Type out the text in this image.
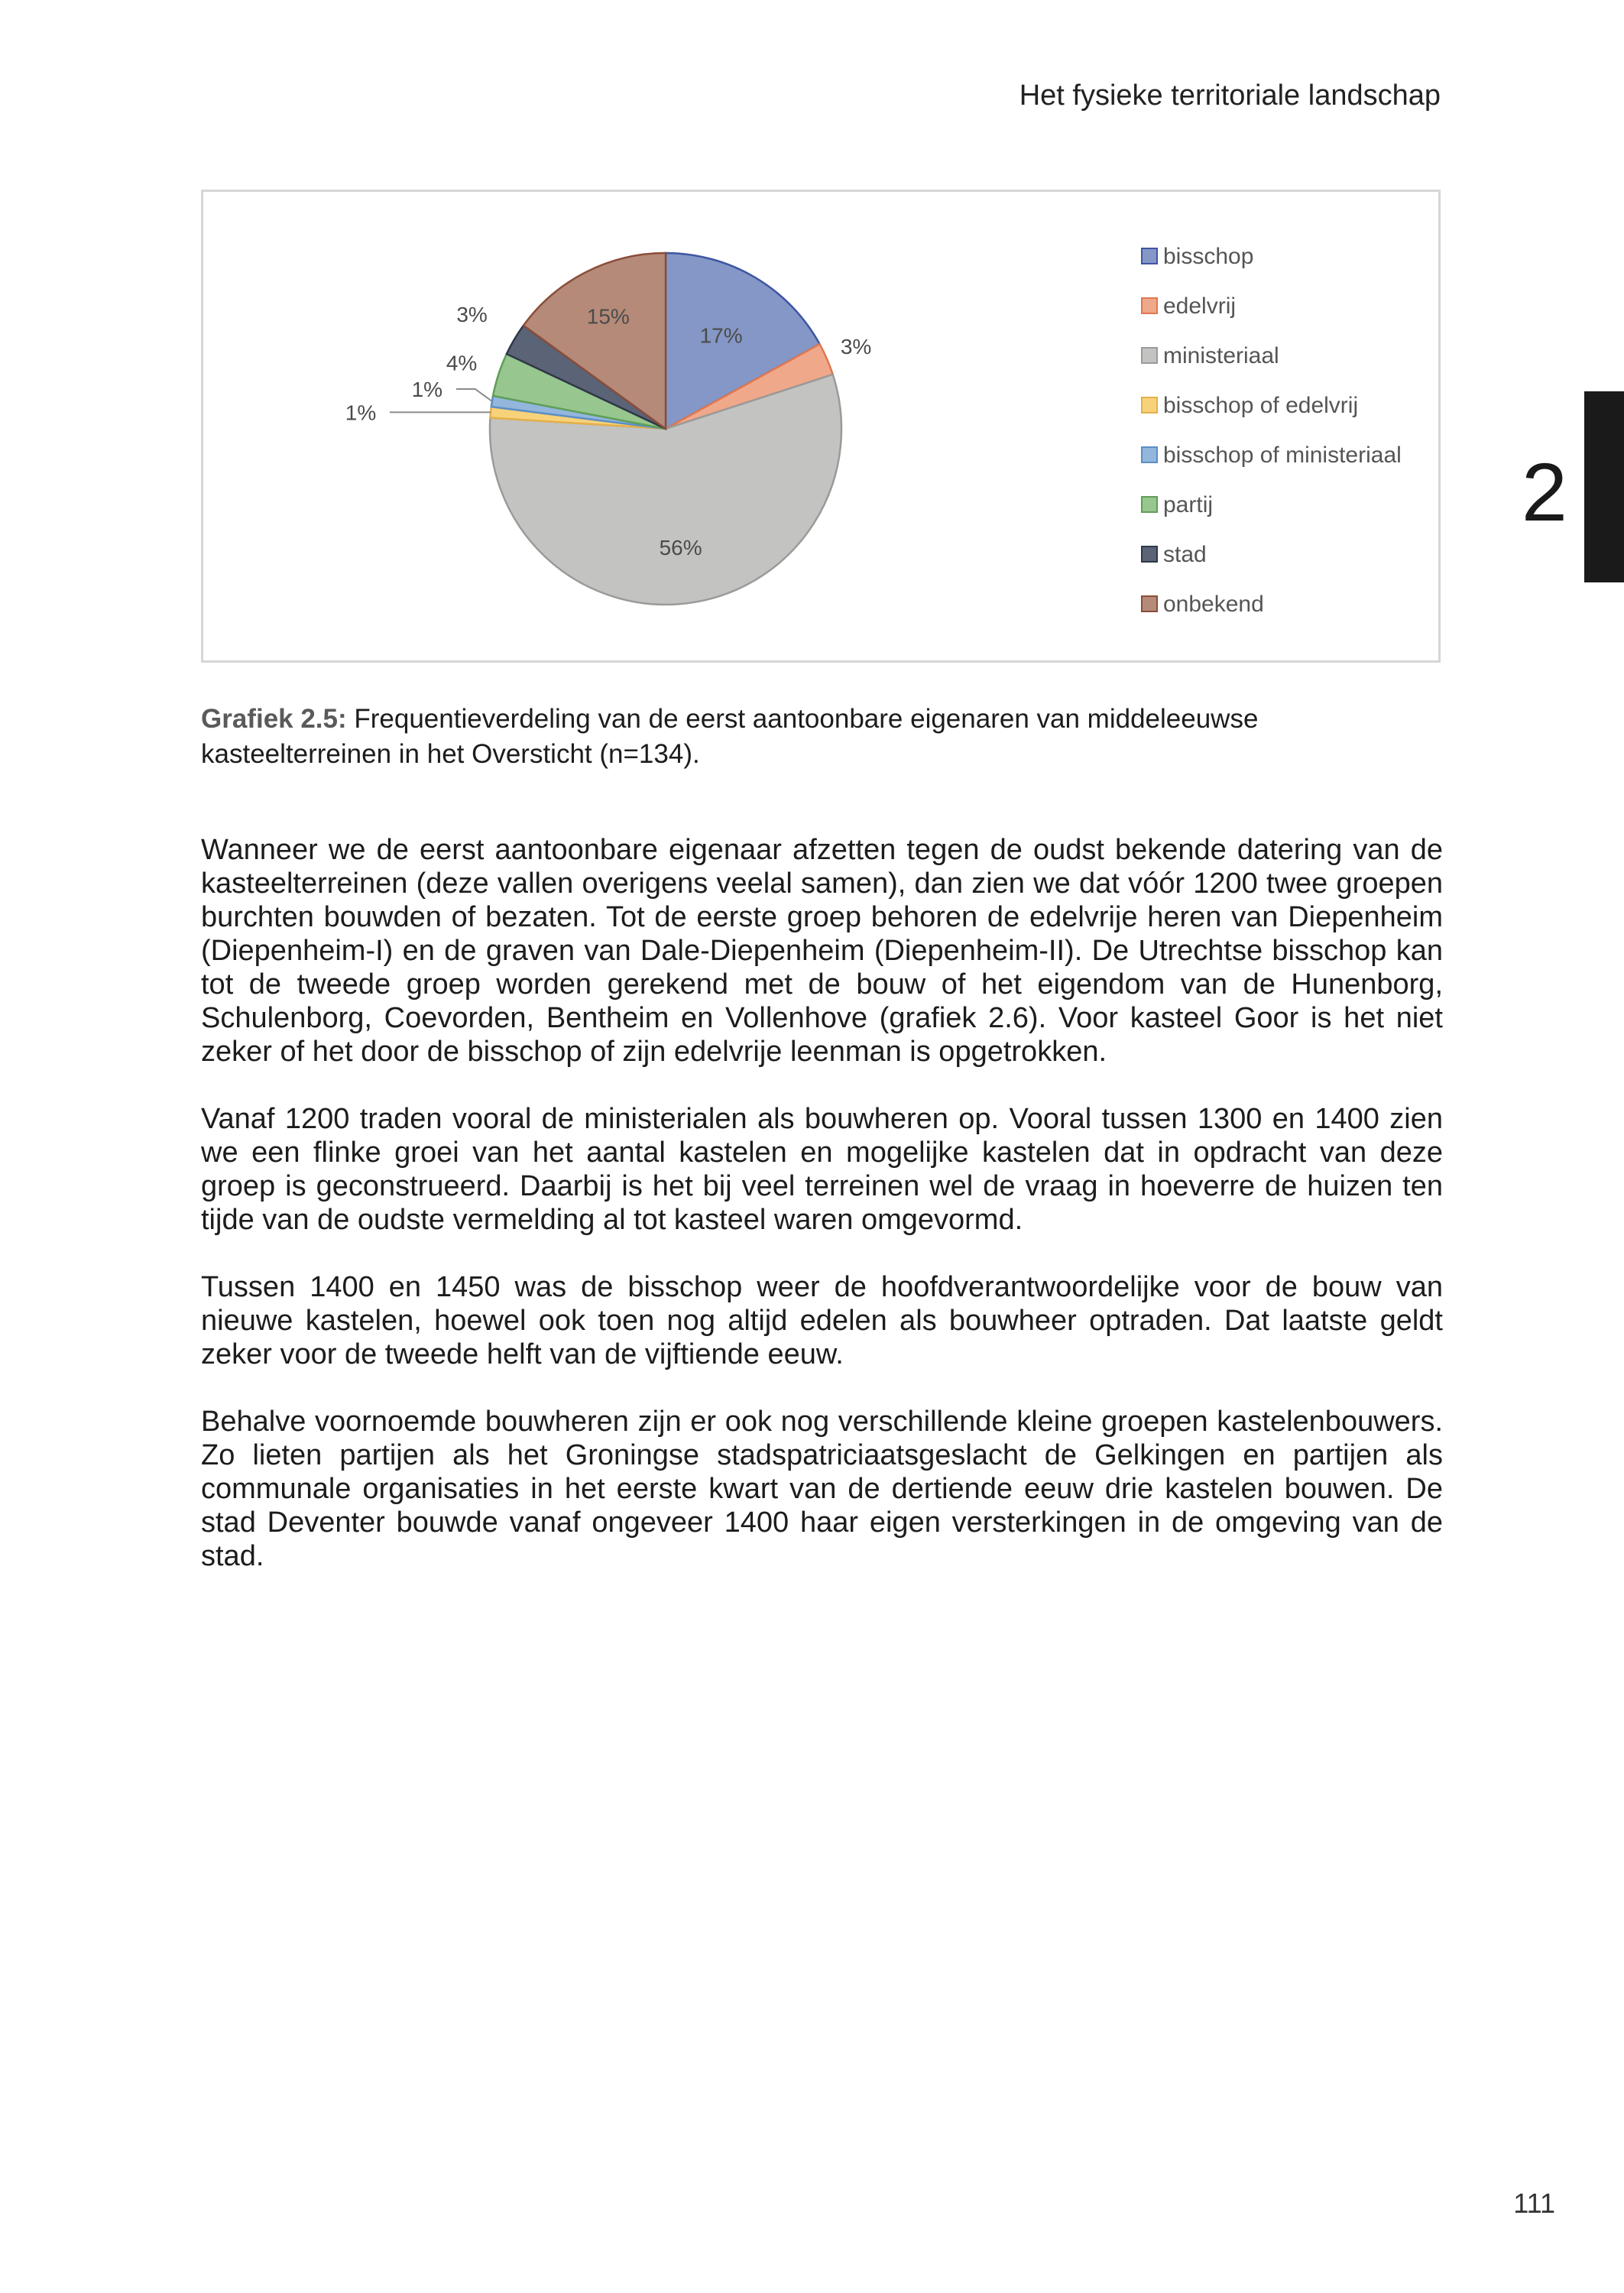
Het fysieke territoriale landschap
2
17%	3%
56%
1%
1%
4%
3%	15%
bisschop
edelvrij
ministeriaal
bisschop of edelvrij
bisschop of ministeriaal
partij
stad
onbekend
Grafiek 2.5: Frequentieverdeling van de eerst aantoonbare eigenaren van middeleeuwse kasteelterreinen in het Oversticht (n=134).

Wanneer we de eerst aantoonbare eigenaar afzetten tegen de oudst bekende datering van de kasteelterreinen (deze vallen overigens veelal samen), dan zien we dat vóór 1200 twee groepen burchten bouwden of bezaten. Tot de eerste groep behoren de edelvrije heren van Diepenheim (Diepenheim-I) en de graven van Dale-Diepenheim (Diepenheim-II). De Utrechtse bisschop kan tot de tweede groep worden gerekend met de bouw of het eigendom van de Hunenborg, Schulenborg, Coevorden, Bentheim en Vollenhove (grafiek 2.6). Voor kasteel Goor is het niet zeker of het door de bisschop of zijn edelvrije leenman is opgetrokken.

Vanaf 1200 traden vooral de ministerialen als bouwheren op. Vooral tussen 1300 en 1400 zien we een flinke groei van het aantal kastelen en mogelijke kastelen dat in opdracht van deze groep is geconstrueerd. Daarbij is het bij veel terreinen wel de vraag in hoeverre de huizen ten tijde van de oudste vermelding al tot kasteel waren omgevormd.

Tussen 1400 en 1450 was de bisschop weer de hoofdverantwoordelijke voor de bouw van nieuwe kastelen, hoewel ook toen nog altijd edelen als bouwheer optraden. Dat laatste geldt zeker voor de tweede helft van de vijftiende eeuw.

Behalve voornoemde bouwheren zijn er ook nog verschillende kleine groepen kastelenbouwers. Zo lieten partijen als het Groningse stadspatriciaatsgeslacht de Gelkingen en partijen als communale organisaties in het eerste kwart van de dertiende eeuw drie kastelen bouwen. De stad Deventer bouwde vanaf ongeveer 1400 haar eigen versterkingen in de omgeving van de stad.

111
